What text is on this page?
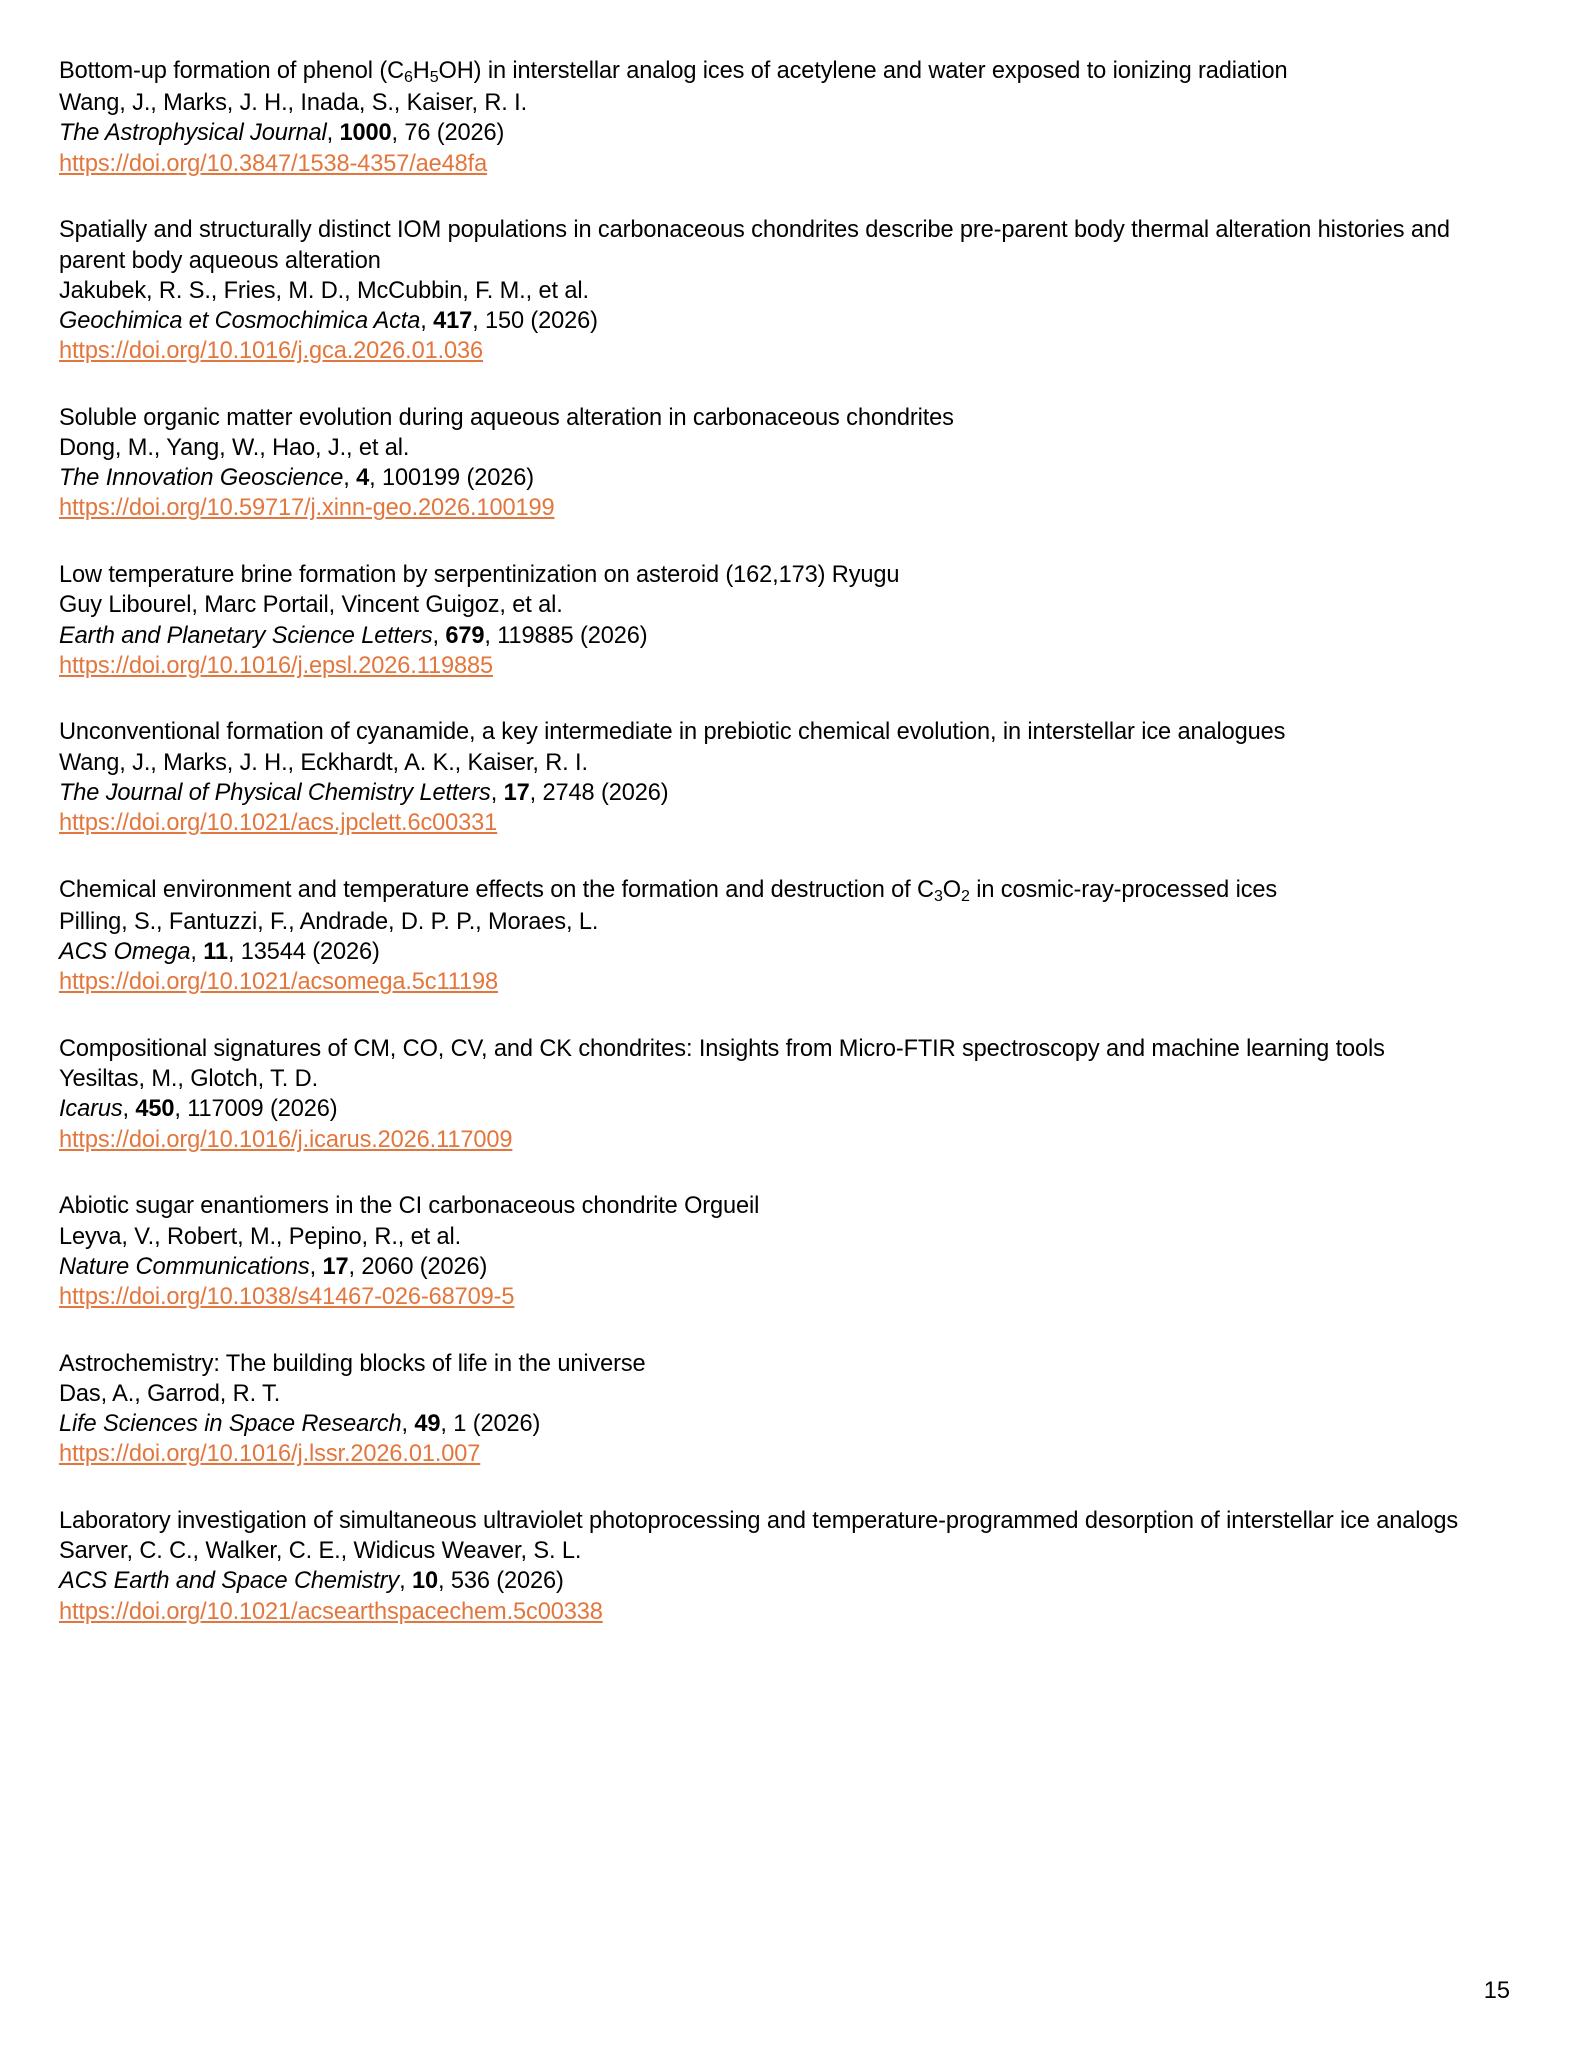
Bottom-up formation of phenol $(C_6H_5OH)$ in interstellar analog ices of acetylene and water exposed to ionizing radiation
Wang, J., Marks, J. H., Inada, S., Kaiser, R. I.
The Astrophysical Journal, 1000, 76 (2026)
https://doi.org/10.3847/1538-4357/ae48fa
Spatially and structurally distinct IOM populations in carbonaceous chondrites describe pre-parent body thermal alteration histories and parent body aqueous alteration
Jakubek, R. S., Fries, M. D., McCubbin, F. M., et al.
Geochimica et Cosmochimica Acta, 417, 150 (2026)
https://doi.org/10.1016/j.gca.2026.01.036
Soluble organic matter evolution during aqueous alteration in carbonaceous chondrites
Dong, M., Yang, W., Hao, J., et al.
The Innovation Geoscience, 4, 100199 (2026)
https://doi.org/10.59717/j.xinn-geo.2026.100199
Low temperature brine formation by serpentinization on asteroid (162,173) Ryugu
Guy Libourel, Marc Portail, Vincent Guigoz, et al.
Earth and Planetary Science Letters, 679, 119885 (2026)
https://doi.org/10.1016/j.epsl.2026.119885
Unconventional formation of cyanamide, a key intermediate in prebiotic chemical evolution, in interstellar ice analogues
Wang, J., Marks, J. H., Eckhardt, A. K., Kaiser, R. I.
The Journal of Physical Chemistry Letters, 17, 2748 (2026)
https://doi.org/10.1021/acs.jpclett.6c00331
Chemical environment and temperature effects on the formation and destruction of $C_3O_2$ in cosmic-ray-processed ices
Pilling, S., Fantuzzi, F., Andrade, D. P. P., Moraes, L.
ACS Omega, 11, 13544 (2026)
https://doi.org/10.1021/acsomega.5c11198
Compositional signatures of CM, CO, CV, and CK chondrites: Insights from Micro-FTIR spectroscopy and machine learning tools
Yesiltas, M., Glotch, T. D.
Icarus, 450, 117009 (2026)
https://doi.org/10.1016/j.icarus.2026.117009
Abiotic sugar enantiomers in the CI carbonaceous chondrite Orgueil
Leyva, V., Robert, M., Pepino, R., et al.
Nature Communications, 17, 2060 (2026)
https://doi.org/10.1038/s41467-026-68709-5
Astrochemistry: The building blocks of life in the universe
Das, A., Garrod, R. T.
Life Sciences in Space Research, 49, 1 (2026)
https://doi.org/10.1016/j.lssr.2026.01.007
Laboratory investigation of simultaneous ultraviolet photoprocessing and temperature-programmed desorption of interstellar ice analogs
Sarver, C. C., Walker, C. E., Widicus Weaver, S. L.
ACS Earth and Space Chemistry, 10, 536 (2026)
https://doi.org/10.1021/acsearthspacechem.5c00338
15
